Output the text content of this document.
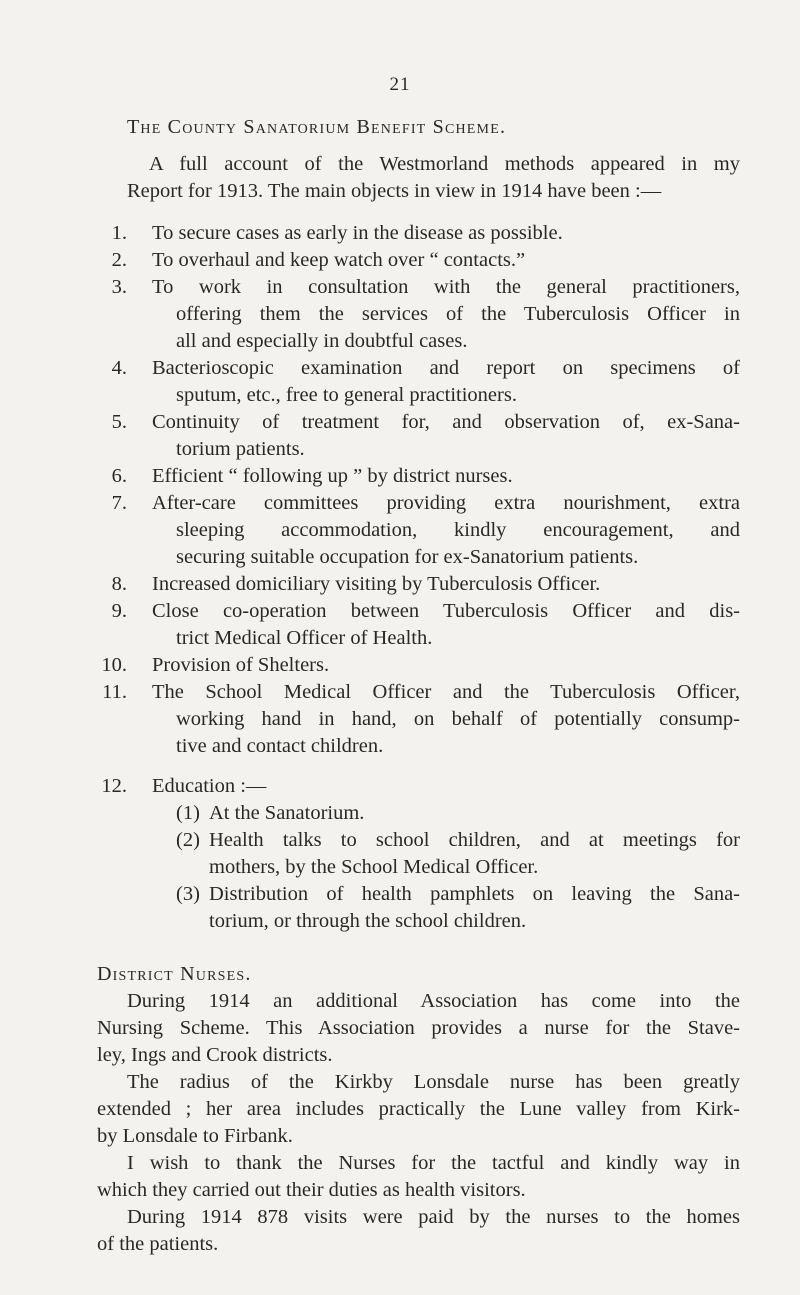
21
The County Sanatorium Benefit Scheme.
A full account of the Westmorland methods appeared in my
Report for 1913. The main objects in view in 1914 have been :—
1. To secure cases as early in the disease as possible.
2. To overhaul and keep watch over “ contacts.”
3. To work in consultation with the general practitioners,
offering them the services of the Tuberculosis Officer in
all and especially in doubtful cases.
4. Bacterioscopic examination and report on specimens of
sputum, etc., free to general practitioners.
5. Continuity of treatment for, and observation of, ex-Sana-
torium patients.
6. Efficient “ following up ” by district nurses.
7. After-care committees providing extra nourishment, extra
sleeping accommodation, kindly encouragement, and
securing suitable occupation for ex-Sanatorium patients.
8. Increased domiciliary visiting by Tuberculosis Officer.
9. Close co-operation between Tuberculosis Officer and dis-
trict Medical Officer of Health.
10. Provision of Shelters.
11. The School Medical Officer and the Tuberculosis Officer,
working hand in hand, on behalf of potentially consump-
tive and contact children.
12. Education :—
(1) At the Sanatorium.
(2) Health talks to school children, and at meetings for
mothers, by the School Medical Officer.
(3) Distribution of health pamphlets on leaving the Sana-
torium, or through the school children.
District Nurses.
During 1914 an additional Association has come into the
Nursing Scheme. This Association provides a nurse for the Stave-
ley, Ings and Crook districts.
The radius of the Kirkby Lonsdale nurse has been greatly
extended ; her area includes practically the Lune valley from Kirk-
by Lonsdale to Firbank.
I wish to thank the Nurses for the tactful and kindly way in
which they carried out their duties as health visitors.
During 1914 878 visits were paid by the nurses to the homes
of the patients.
